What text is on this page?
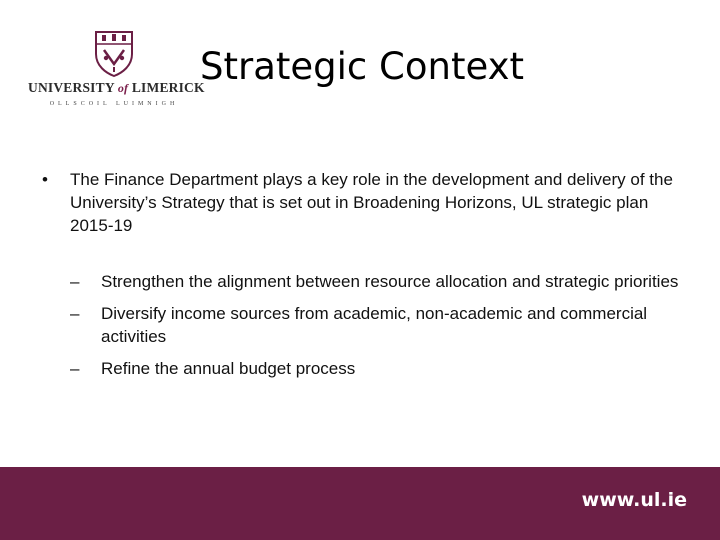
UNIVERSITY of LIMERICK
OLLSCOIL LUIMNIGH
Strategic Context
• The Finance Department plays a key role in the development and delivery of the University’s Strategy that is set out in Broadening Horizons, UL strategic plan 2015-19
– Strengthen the alignment between resource allocation and strategic priorities
– Diversify income sources from academic, non-academic and commercial activities
– Refine the annual budget process
www.ul.ie
